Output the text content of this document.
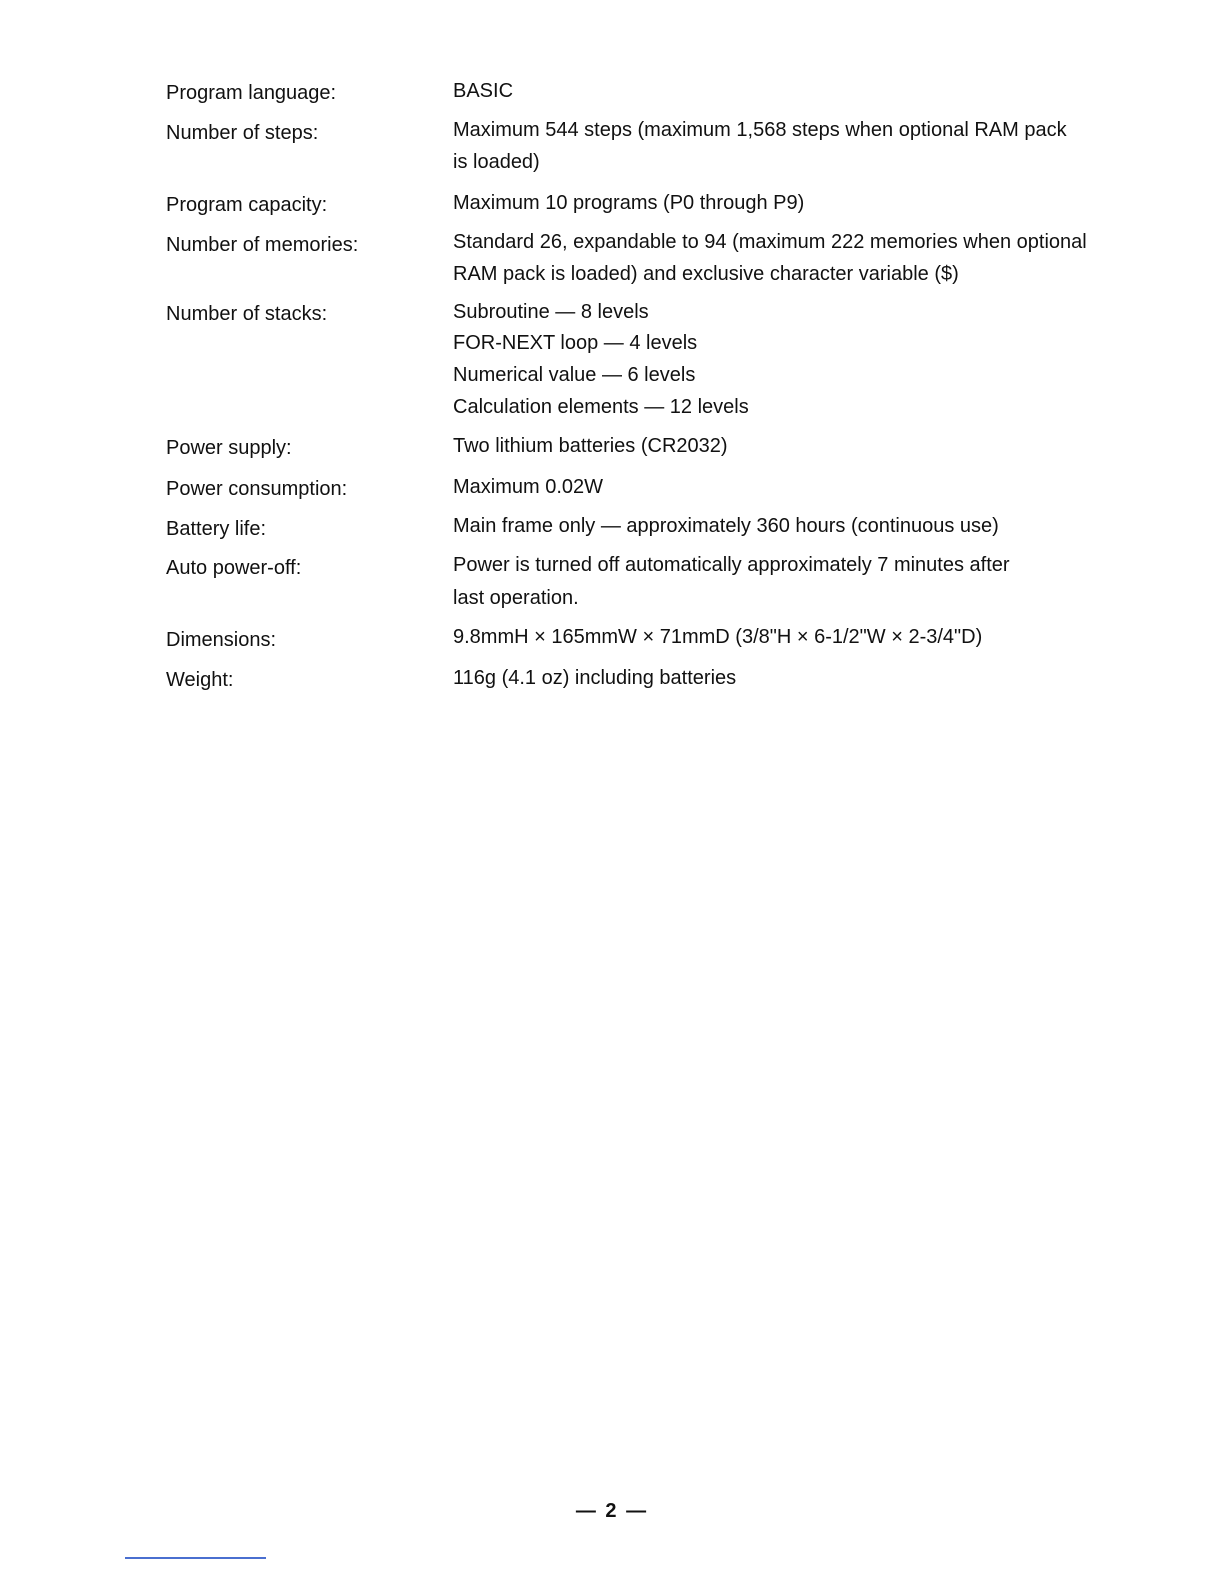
Program language:	BASIC
Number of steps:	Maximum 544 steps (maximum 1,568 steps when optional RAM pack
is loaded)
Program capacity:	Maximum 10 programs (P0 through P9)
Number of memories:	Standard 26, expandable to 94 (maximum 222 memories when optional
RAM pack is loaded) and exclusive character variable ($)
Number of stacks:	Subroutine — 8 levels
FOR-NEXT loop — 4 levels
Numerical value — 6 levels
Calculation elements — 12 levels
Power supply:	Two lithium batteries (CR2032)
Power consumption:	Maximum 0.02W
Battery life:	Main frame only — approximately 360 hours (continuous use)
Auto power-off:	Power is turned off automatically approximately 7 minutes after
last operation.
Dimensions:	9.8mmH × 165mmW × 71mmD (3/8"H × 6-1/2"W × 2-3/4"D)
Weight:	116g (4.1 oz) including batteries
— 2 —
